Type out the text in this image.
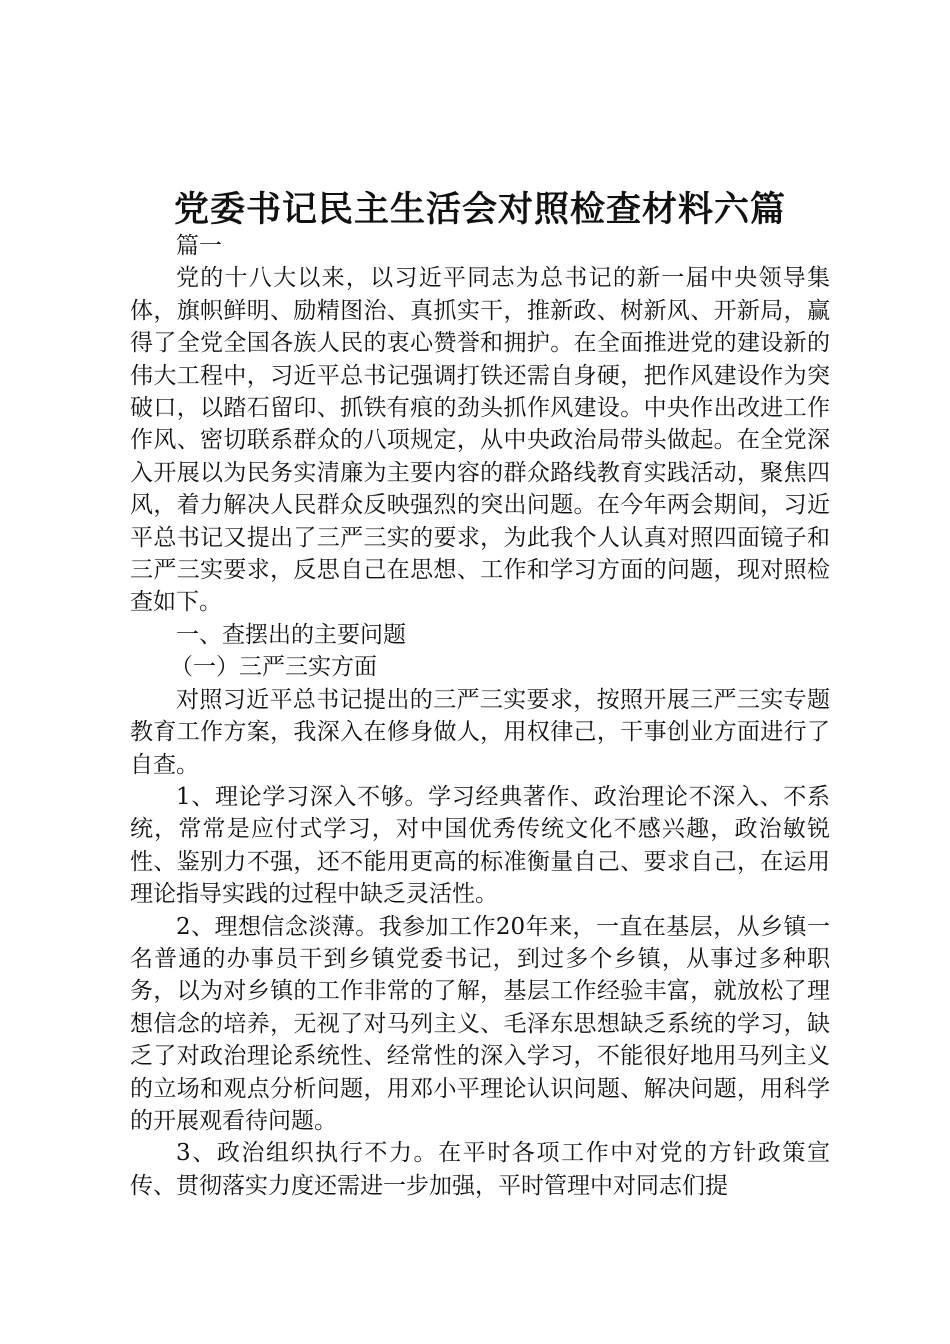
党委书记民主生活会对照检查材料六篇

篇一

党的十八大以来，以习近平同志为总书记的新一届中央领导集体，旗帜鲜明、励精图治、真抓实干，推新政、树新风、开新局，赢得了全党全国各族人民的衷心赞誉和拥护。在全面推进党的建设新的伟大工程中，习近平总书记强调打铁还需自身硬，把作风建设作为突破口，以踏石留印、抓铁有痕的劲头抓作风建设。中央作出改进工作作风、密切联系群众的八项规定，从中央政治局带头做起。在全党深入开展以为民务实清廉为主要内容的群众路线教育实践活动，聚焦四风，着力解决人民群众反映强烈的突出问题。在今年两会期间，习近平总书记又提出了三严三实的要求，为此我个人认真对照四面镜子和三严三实要求，反思自己在思想、工作和学习方面的问题，现对照检查如下。

一、查摆出的主要问题

（一）三严三实方面

对照习近平总书记提出的三严三实要求，按照开展三严三实专题教育工作方案，我深入在修身做人，用权律己，干事创业方面进行了自查。

1、理论学习深入不够。学习经典著作、政治理论不深入、不系统，常常是应付式学习，对中国优秀传统文化不感兴趣，政治敏锐性、鉴别力不强，还不能用更高的标准衡量自己、要求自己，在运用理论指导实践的过程中缺乏灵活性。

2、理想信念淡薄。我参加工作20年来，一直在基层，从乡镇一名普通的办事员干到乡镇党委书记，到过多个乡镇，从事过多种职务，以为对乡镇的工作非常的了解，基层工作经验丰富，就放松了理想信念的培养，无视了对马列主义、毛泽东思想缺乏系统的学习，缺乏了对政治理论系统性、经常性的深入学习，不能很好地用马列主义的立场和观点分析问题，用邓小平理论认识问题、解决问题，用科学的开展观看待问题。

3、政治组织执行不力。在平时各项工作中对党的方针政策宣传、贯彻落实力度还需进一步加强，平时管理中对同志们提
